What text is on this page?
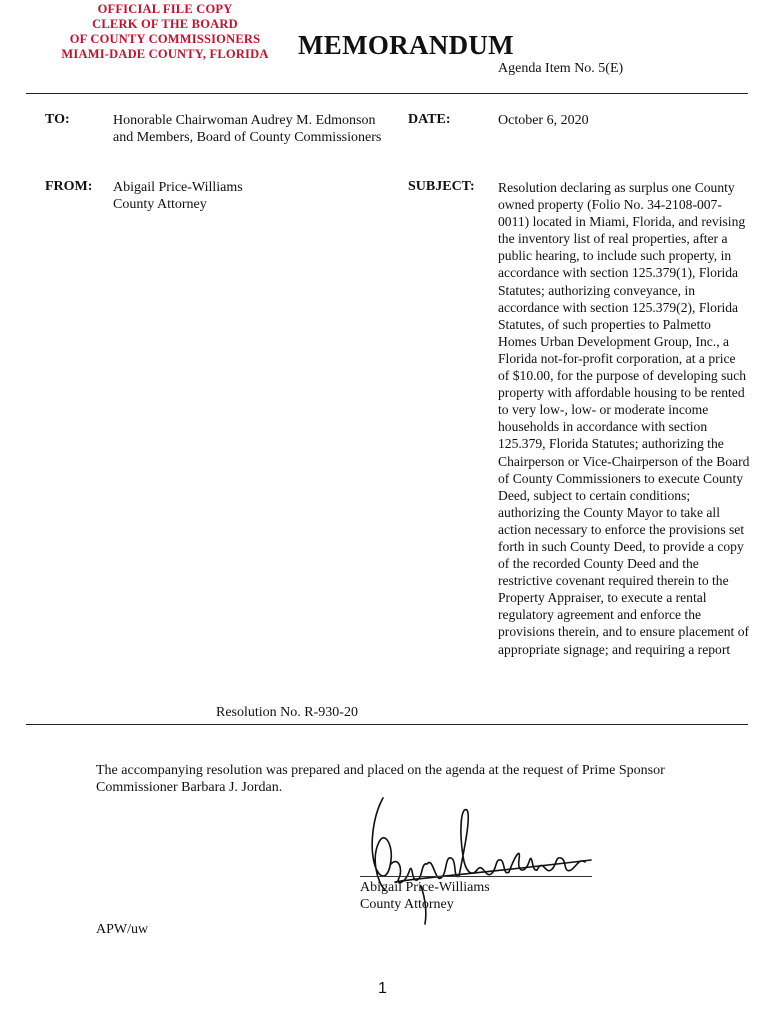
OFFICIAL FILE COPY
CLERK OF THE BOARD
OF COUNTY COMMISSIONERS
MIAMI-DADE COUNTY, FLORIDA	MEMORANDUM
Agenda Item No. 5(E)
TO:	Honorable Chairwoman Audrey M. Edmonson
and Members, Board of County Commissioners
DATE:	October 6, 2020
FROM: Abigail Price-Williams
County Attorney
SUBJECT: Resolution declaring as surplus one County owned property (Folio No. 34-2108-007-0011) located in Miami, Florida, and revising the inventory list of real properties, after a public hearing, to include such property, in accordance with section 125.379(1), Florida Statutes; authorizing conveyance, in accordance with section 125.379(2), Florida Statutes, of such properties to Palmetto Homes Urban Development Group, Inc., a Florida not-for-profit corporation, at a price of $10.00, for the purpose of developing such property with affordable housing to be rented to very low-, low- or moderate income households in accordance with section 125.379, Florida Statutes; authorizing the Chairperson or Vice-Chairperson of the Board of County Commissioners to execute County Deed, subject to certain conditions; authorizing the County Mayor to take all action necessary to enforce the provisions set forth in such County Deed, to provide a copy of the recorded County Deed and the restrictive covenant required therein to the Property Appraiser, to execute a rental regulatory agreement and enforce the provisions therein, and to ensure placement of appropriate signage; and requiring a report
Resolution No. R-930-20
The accompanying resolution was prepared and placed on the agenda at the request of Prime Sponsor Commissioner Barbara J. Jordan.
Abigail Price-Williams
County Attorney
APW/uw
1
